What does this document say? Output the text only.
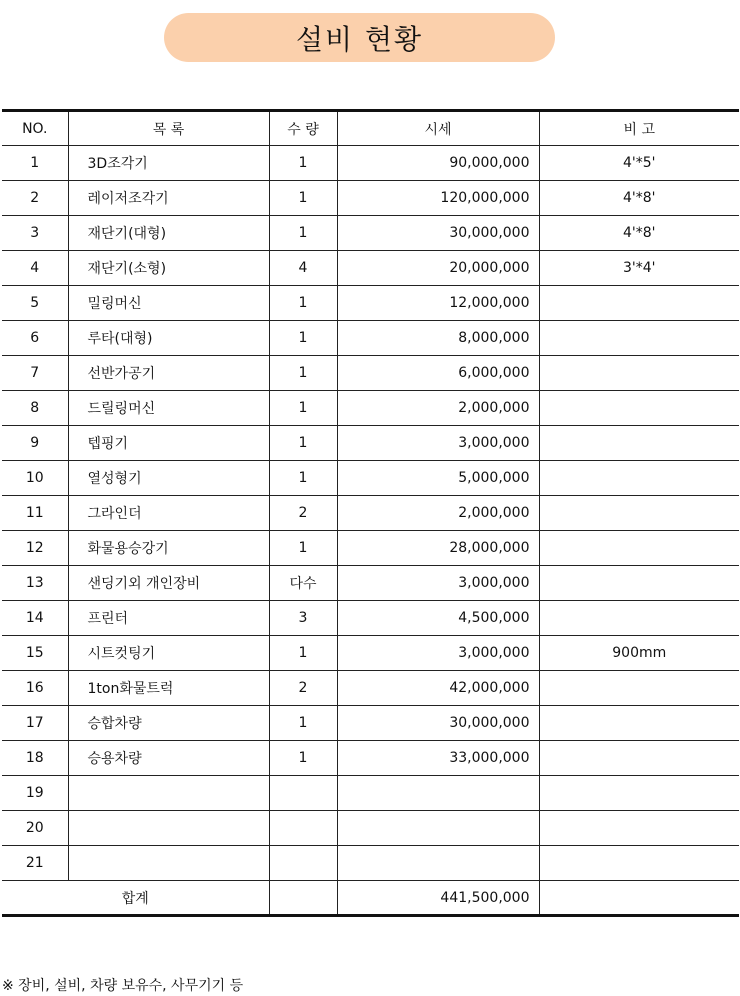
설비 현황
NO.	목 록	수 량	시세	비 고
1	3D조각기	1	90,000,000	4'*5'
2	레이저조각기	1	120,000,000	4'*8'
3	재단기(대형)	1	30,000,000	4'*8'
4	재단기(소형)	4	20,000,000	3'*4'
5	밀링머신	1	12,000,000	
6	루타(대형)	1	8,000,000	
7	선반가공기	1	6,000,000	
8	드릴링머신	1	2,000,000	
9	텝핑기	1	3,000,000	
10	열성형기	1	5,000,000	
11	그라인더	2	2,000,000	
12	화물용승강기	1	28,000,000	
13	샌딩기외 개인장비	다수	3,000,000	
14	프린터	3	4,500,000	
15	시트컷팅기	1	3,000,000	900mm
16	1ton화물트럭	2	42,000,000	
17	승합차량	1	30,000,000	
18	승용차량	1	33,000,000	
19				
20				
21				
합계			441,500,000	
※ 장비, 설비, 차량 보유수, 사무기기 등
